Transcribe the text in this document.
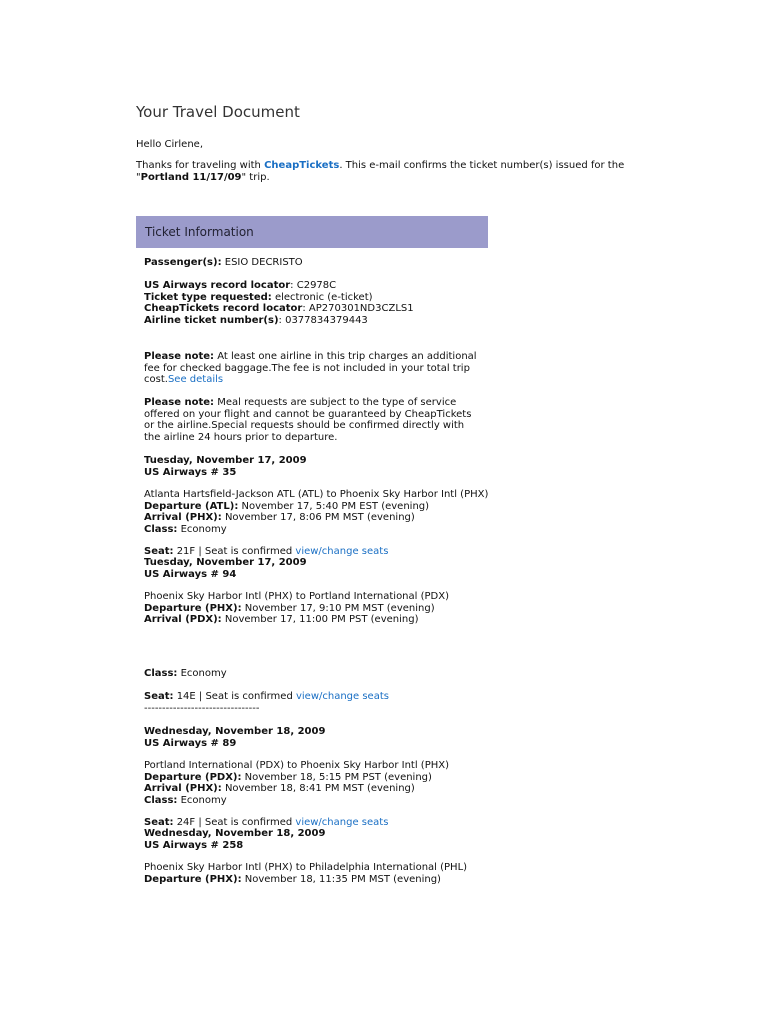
Your Travel Document
Hello Cirlene,
Thanks for traveling with CheapTickets. This e-mail confirms the ticket number(s) issued for the "Portland 11/17/09" trip.
Ticket Information
Passenger(s): ESIO DECRISTO
US Airways record locator: C2978C
Ticket type requested: electronic (e-ticket)
CheapTickets record locator: AP270301ND3CZLS1
Airline ticket number(s): 0377834379443
Please note: At least one airline in this trip charges an additional fee for checked baggage.The fee is not included in your total trip cost.See details
Please note: Meal requests are subject to the type of service offered on your flight and cannot be guaranteed by CheapTickets or the airline.Special requests should be confirmed directly with the airline 24 hours prior to departure.
Tuesday, November 17, 2009
US Airways # 35
Atlanta Hartsfield-Jackson ATL (ATL) to Phoenix Sky Harbor Intl (PHX)
Departure (ATL): November 17, 5:40 PM EST (evening)
Arrival (PHX): November 17, 8:06 PM MST (evening)
Class: Economy
Seat: 21F | Seat is confirmed view/change seats
Tuesday, November 17, 2009
US Airways # 94
Phoenix Sky Harbor Intl (PHX) to Portland International (PDX)
Departure (PHX): November 17, 9:10 PM MST (evening)
Arrival (PDX): November 17, 11:00 PM PST (evening)
Class: Economy
Seat: 14E | Seat is confirmed view/change seats
--------------------------------
Wednesday, November 18, 2009
US Airways # 89
Portland International (PDX) to Phoenix Sky Harbor Intl (PHX)
Departure (PDX): November 18, 5:15 PM PST (evening)
Arrival (PHX): November 18, 8:41 PM MST (evening)
Class: Economy
Seat: 24F | Seat is confirmed view/change seats
Wednesday, November 18, 2009
US Airways # 258
Phoenix Sky Harbor Intl (PHX) to Philadelphia International (PHL)
Departure (PHX): November 18, 11:35 PM MST (evening)
